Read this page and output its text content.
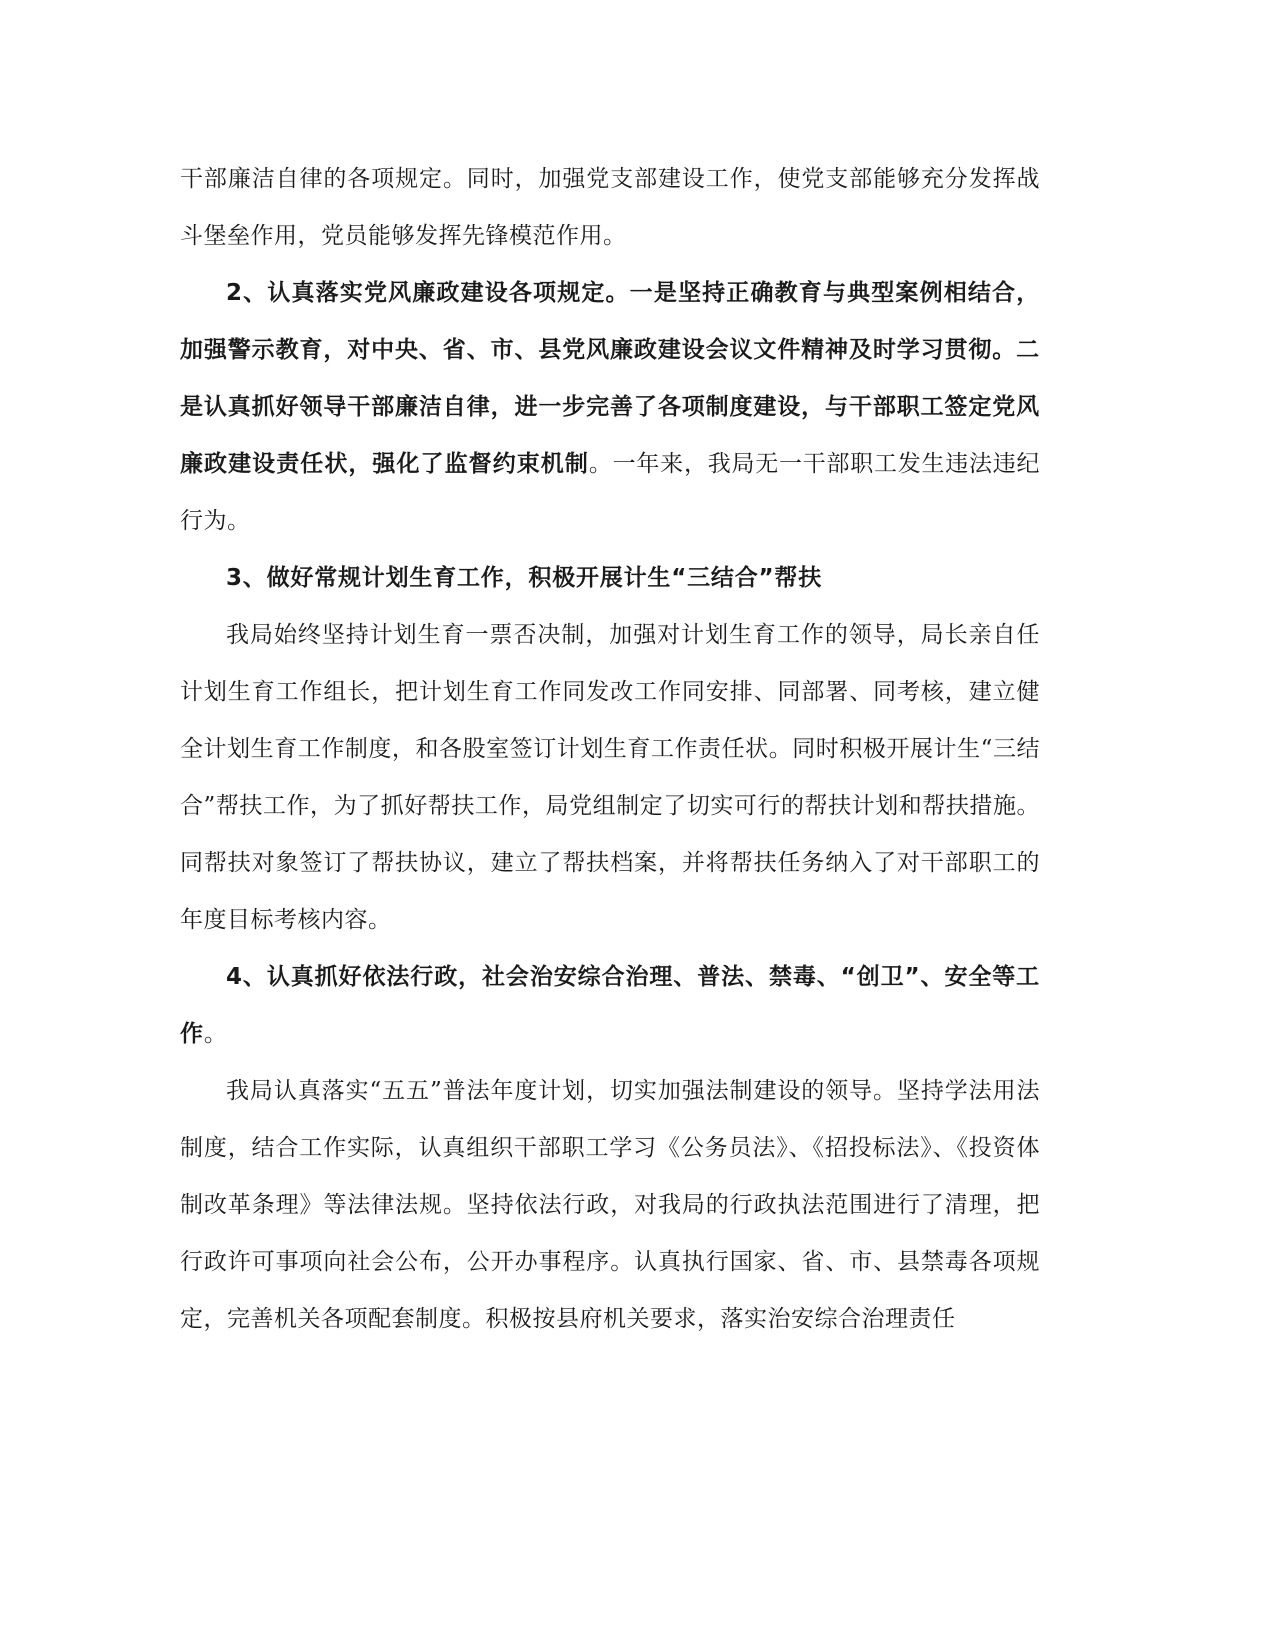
干部廉洁自律的各项规定。同时，加强党支部建设工作，使党支部能够充分发挥战斗堡垒作用，党员能够发挥先锋模范作用。

2、认真落实党风廉政建设各项规定。一是坚持正确教育与典型案例相结合，加强警示教育，对中央、省、市、县党风廉政建设会议文件精神及时学习贯彻。二是认真抓好领导干部廉洁自律，进一步完善了各项制度建设，与干部职工签定党风廉政建设责任状，强化了监督约束机制。一年来，我局无一干部职工发生违法违纪行为。

3、做好常规计划生育工作，积极开展计生“三结合”帮扶

我局始终坚持计划生育一票否决制，加强对计划生育工作的领导，局长亲自任计划生育工作组长，把计划生育工作同发改工作同安排、同部署、同考核，建立健全计划生育工作制度，和各股室签订计划生育工作责任状。同时积极开展计生“三结合”帮扶工作，为了抓好帮扶工作，局党组制定了切实可行的帮扶计划和帮扶措施。同帮扶对象签订了帮扶协议，建立了帮扶档案，并将帮扶任务纳入了对干部职工的年度目标考核内容。

4、认真抓好依法行政，社会治安综合治理、普法、禁毒、“创卫”、安全等工作。

我局认真落实“五五”普法年度计划，切实加强法制建设的领导。坚持学法用法制度，结合工作实际，认真组织干部职工学习《公务员法》、《招投标法》、《投资体制改革条理》等法律法规。坚持依法行政，对我局的行政执法范围进行了清理，把行政许可事项向社会公布，公开办事程序。认真执行国家、省、市、县禁毒各项规定，完善机关各项配套制度。积极按县府机关要求，落实治安综合治理责任
